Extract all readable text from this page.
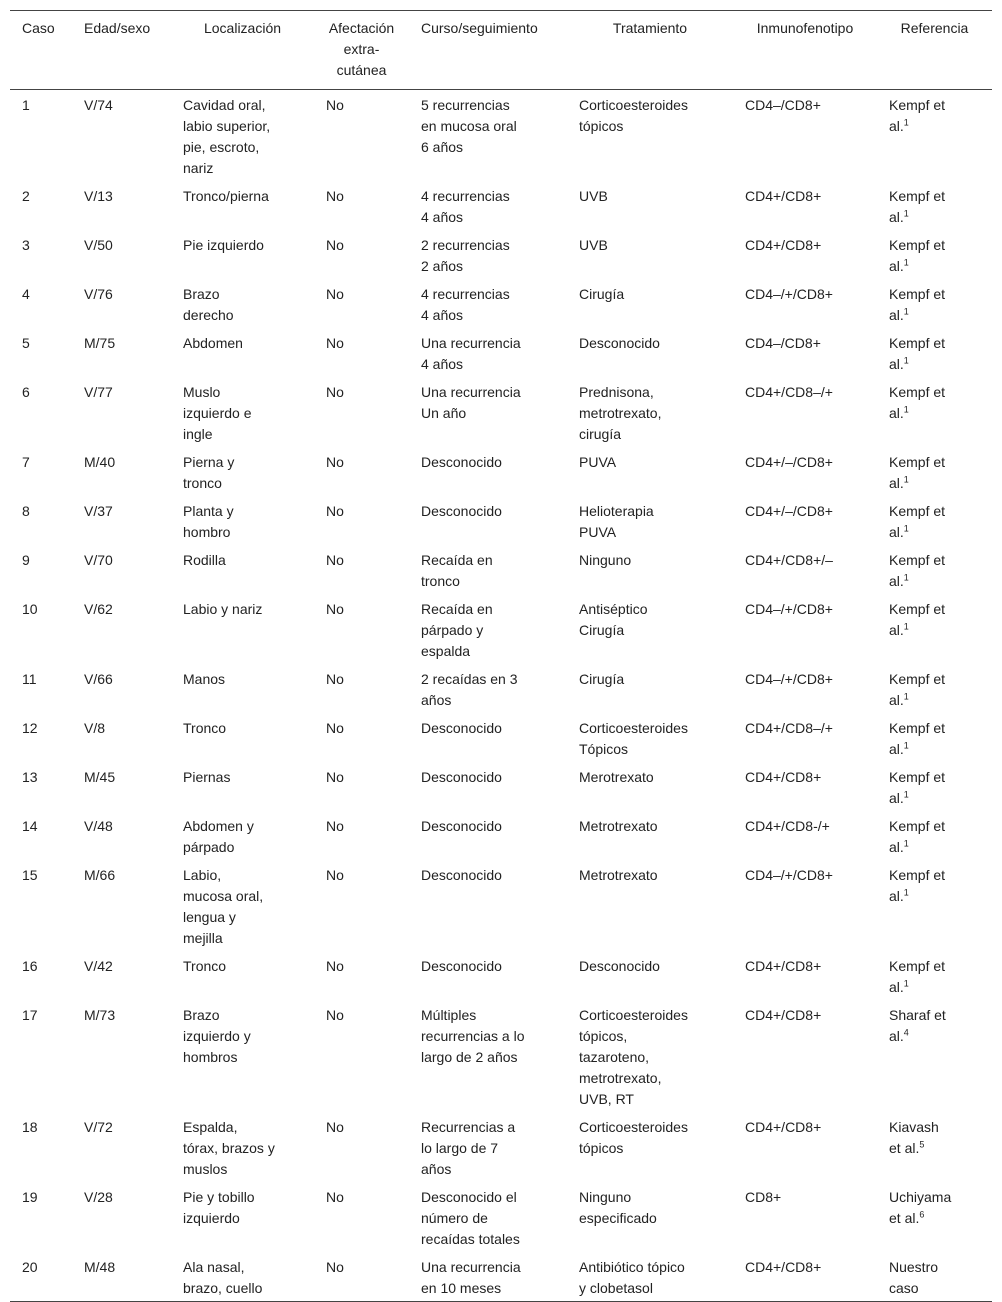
Caso	Edad/sexo	Localización	Afectación
extra-
cutánea	Curso/seguimiento	Tratamiento	Inmunofenotipo	Referencia
1	V/74	Cavidad oral,
labio superior,
pie, escroto,
nariz	No	5 recurrencias
en mucosa oral
6 años	Corticoesteroides
tópicos	CD4–/CD8+	Kempf et
al.$^1$
2	V/13	Tronco/pierna	No	4 recurrencias
4 años	UVB	CD4+/CD8+	Kempf et
al.$^1$
3	V/50	Pie izquierdo	No	2 recurrencias
2 años	UVB	CD4+/CD8+	Kempf et
al.$^1$
4	V/76	Brazo
derecho	No	4 recurrencias
4 años	Cirugía	CD4–/+/CD8+	Kempf et
al.$^1$
5	M/75	Abdomen	No	Una recurrencia
4 años	Desconocido	CD4–/CD8+	Kempf et
al.$^1$
6	V/77	Muslo
izquierdo e
ingle	No	Una recurrencia
Un año	Prednisona,
metrotrexato,
cirugía	CD4+/CD8–/+	Kempf et
al.$^1$
7	M/40	Pierna y
tronco	No	Desconocido	PUVA	CD4+/–/CD8+	Kempf et
al.$^1$
8	V/37	Planta y
hombro	No	Desconocido	Helioterapia
PUVA	CD4+/–/CD8+	Kempf et
al.$^1$
9	V/70	Rodilla	No	Recaída en
tronco	Ninguno	CD4+/CD8+/–	Kempf et
al.$^1$
10	V/62	Labio y nariz	No	Recaída en
párpado y
espalda	Antiséptico
Cirugía	CD4–/+/CD8+	Kempf et
al.$^1$
11	V/66	Manos	No	2 recaídas en 3
años	Cirugía	CD4–/+/CD8+	Kempf et
al.$^1$
12	V/8	Tronco	No	Desconocido	Corticoesteroides
Tópicos	CD4+/CD8–/+	Kempf et
al.$^1$
13	M/45	Piernas	No	Desconocido	Merotrexato	CD4+/CD8+	Kempf et
al.$^1$
14	V/48	Abdomen y
párpado	No	Desconocido	Metrotrexato	CD4+/CD8-/+	Kempf et
al.$^1$
15	M/66	Labio,
mucosa oral,
lengua y
mejilla	No	Desconocido	Metrotrexato	CD4–/+/CD8+	Kempf et
al.$^1$
16	V/42	Tronco	No	Desconocido	Desconocido	CD4+/CD8+	Kempf et
al.$^1$
17	M/73	Brazo
izquierdo y
hombros	No	Múltiples
recurrencias a lo
largo de 2 años	Corticoesteroides
tópicos,
tazaroteno,
metrotrexato,
UVB, RT	CD4+/CD8+	Sharaf et
al.$^4$
18	V/72	Espalda,
tórax, brazos y
muslos	No	Recurrencias a
lo largo de 7
años	Corticoesteroides
tópicos	CD4+/CD8+	Kiavash
et al.$^5$
19	V/28	Pie y tobillo
izquierdo	No	Desconocido el
número de
recaídas totales	Ninguno
especificado	CD8+	Uchiyama
et al.$^6$
20	M/48	Ala nasal,
brazo, cuello	No	Una recurrencia
en 10 meses	Antibiótico tópico
y clobetasol	CD4+/CD8+	Nuestro
caso
